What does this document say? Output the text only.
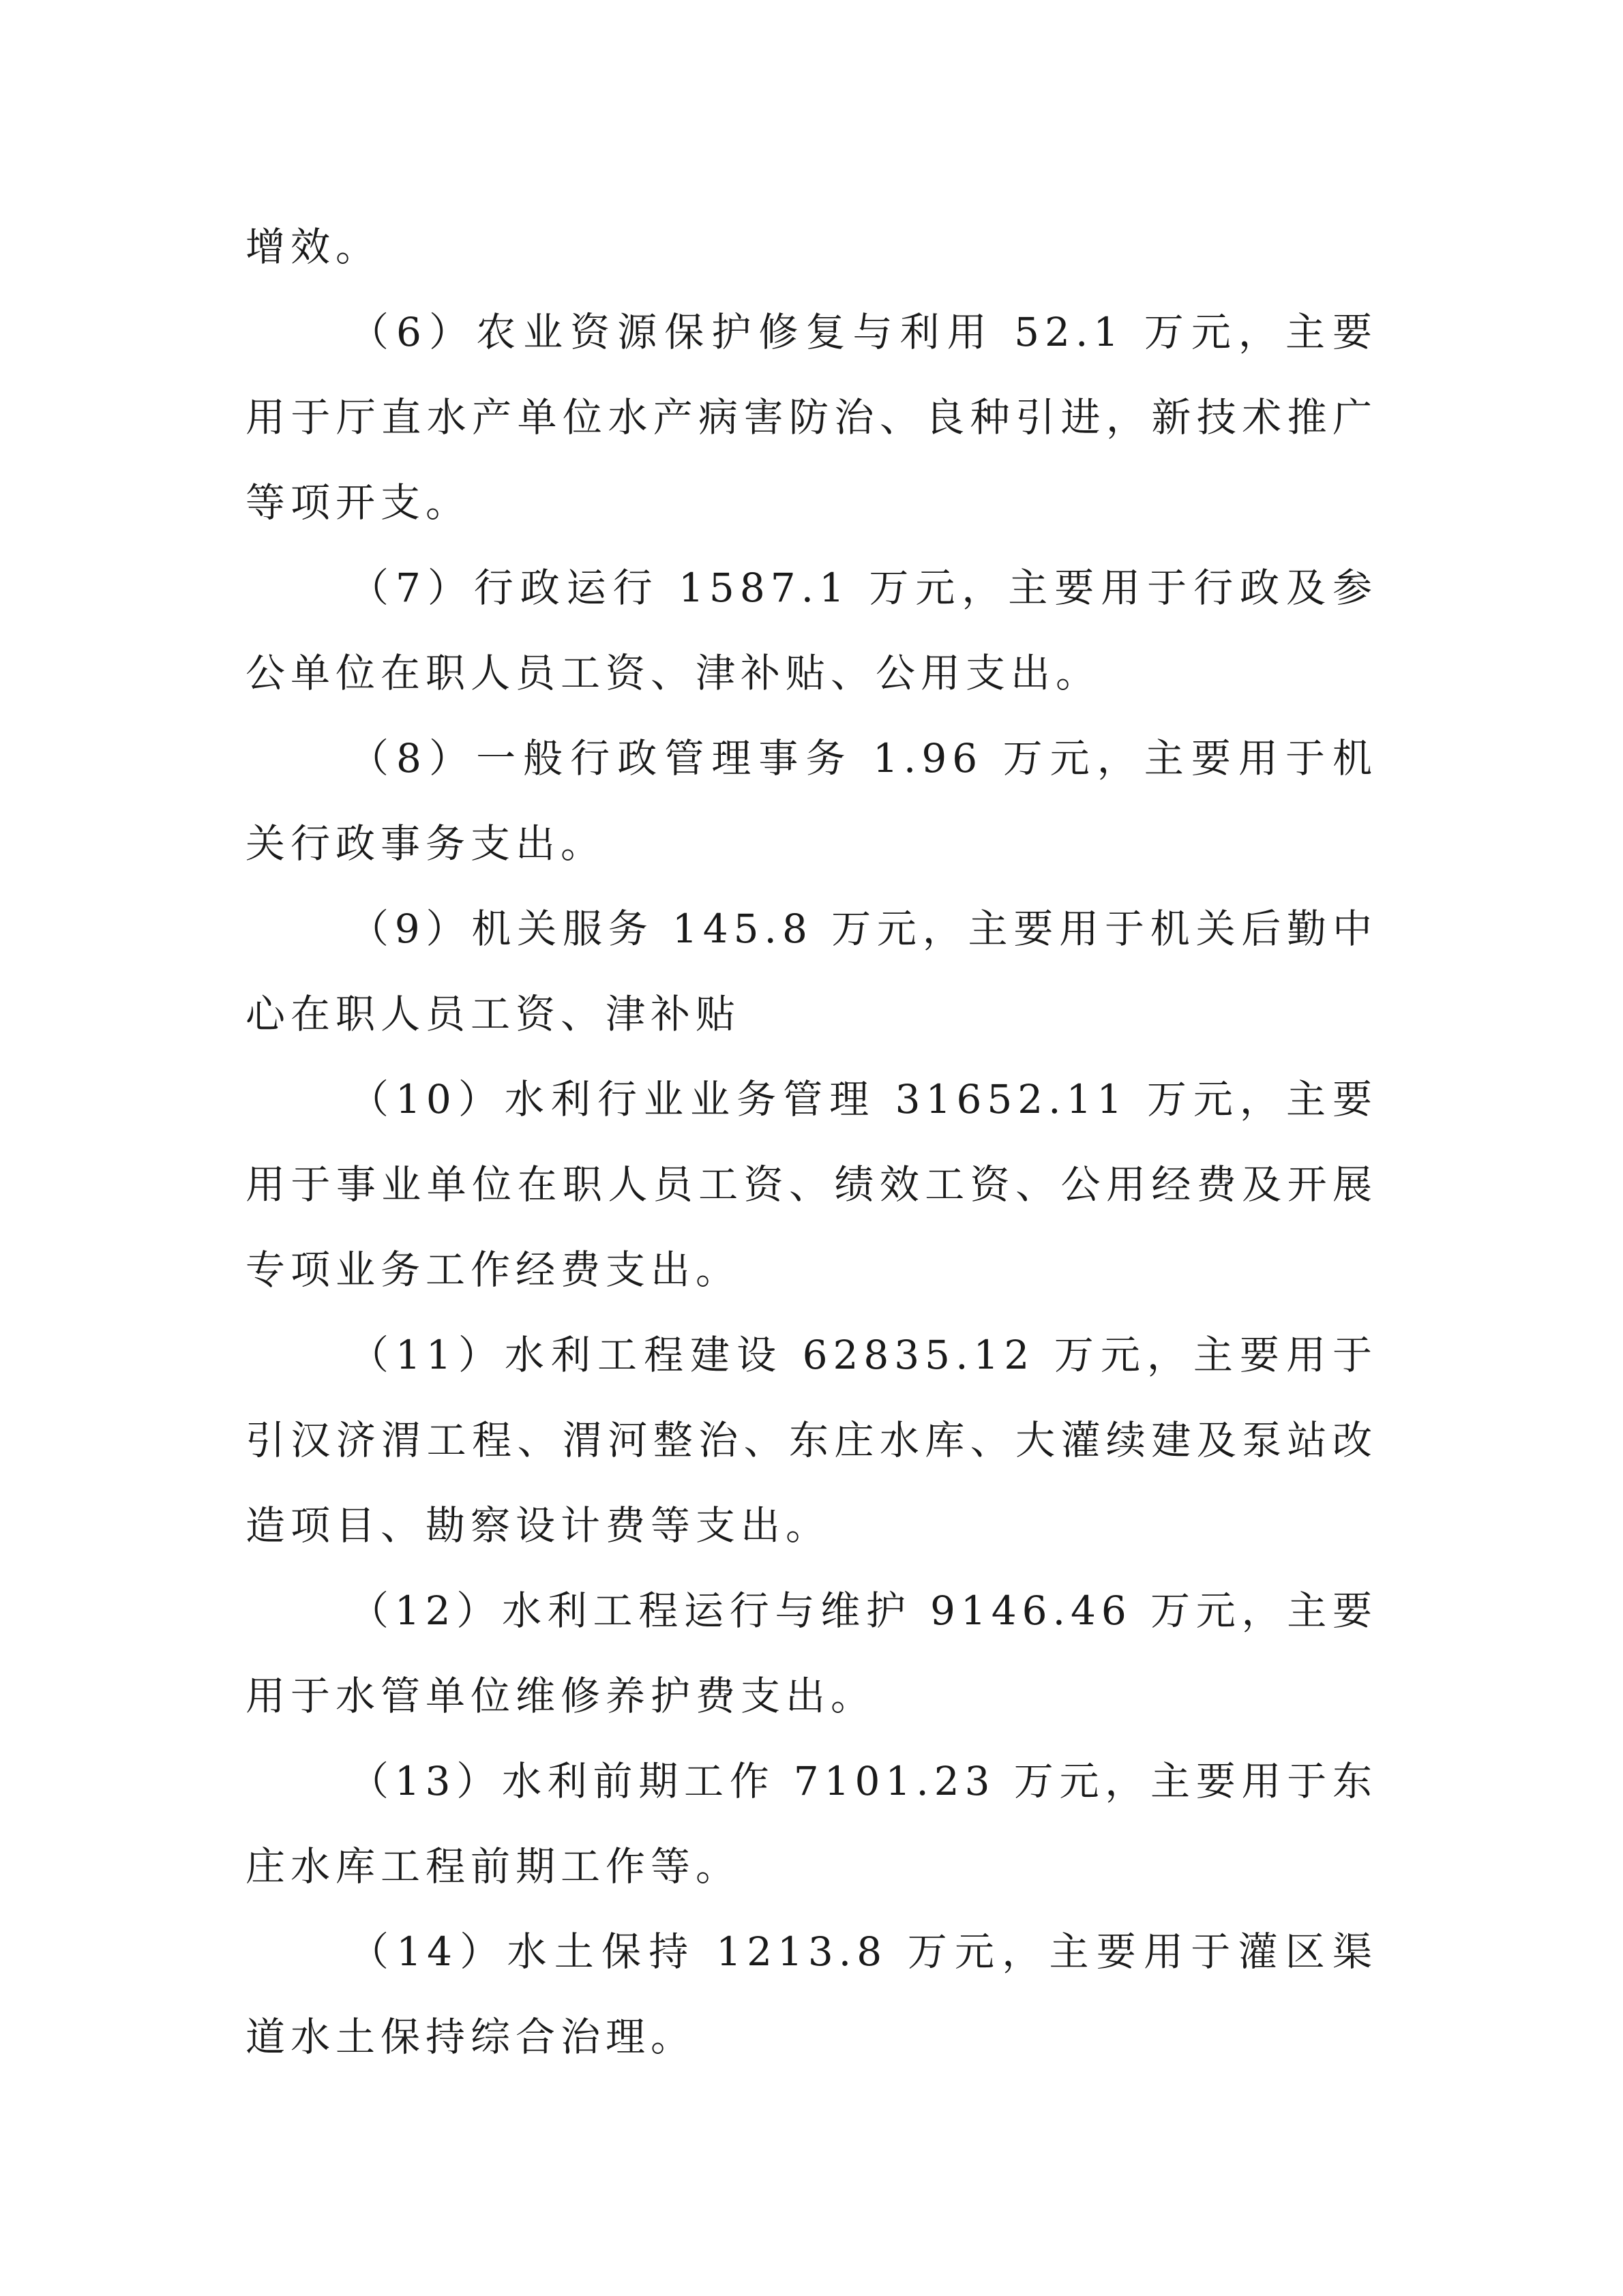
增效。

（6）农业资源保护修复与利用 52.1 万元，主要用于厅直水产单位水产病害防治、良种引进，新技术推广等项开支。

（7）行政运行 1587.1 万元，主要用于行政及参公单位在职人员工资、津补贴、公用支出。

（8）一般行政管理事务 1.96 万元，主要用于机关行政事务支出。

（9）机关服务 145.8 万元，主要用于机关后勤中心在职人员工资、津补贴

（10）水利行业业务管理 31652.11 万元，主要用于事业单位在职人员工资、绩效工资、公用经费及开展专项业务工作经费支出。

（11）水利工程建设 62835.12 万元，主要用于引汉济渭工程、渭河整治、东庄水库、大灌续建及泵站改造项目、勘察设计费等支出。

（12）水利工程运行与维护 9146.46 万元，主要用于水管单位维修养护费支出。

（13）水利前期工作 7101.23 万元，主要用于东庄水库工程前期工作等。

（14）水土保持 1213.8 万元，主要用于灌区渠道水土保持综合治理。
